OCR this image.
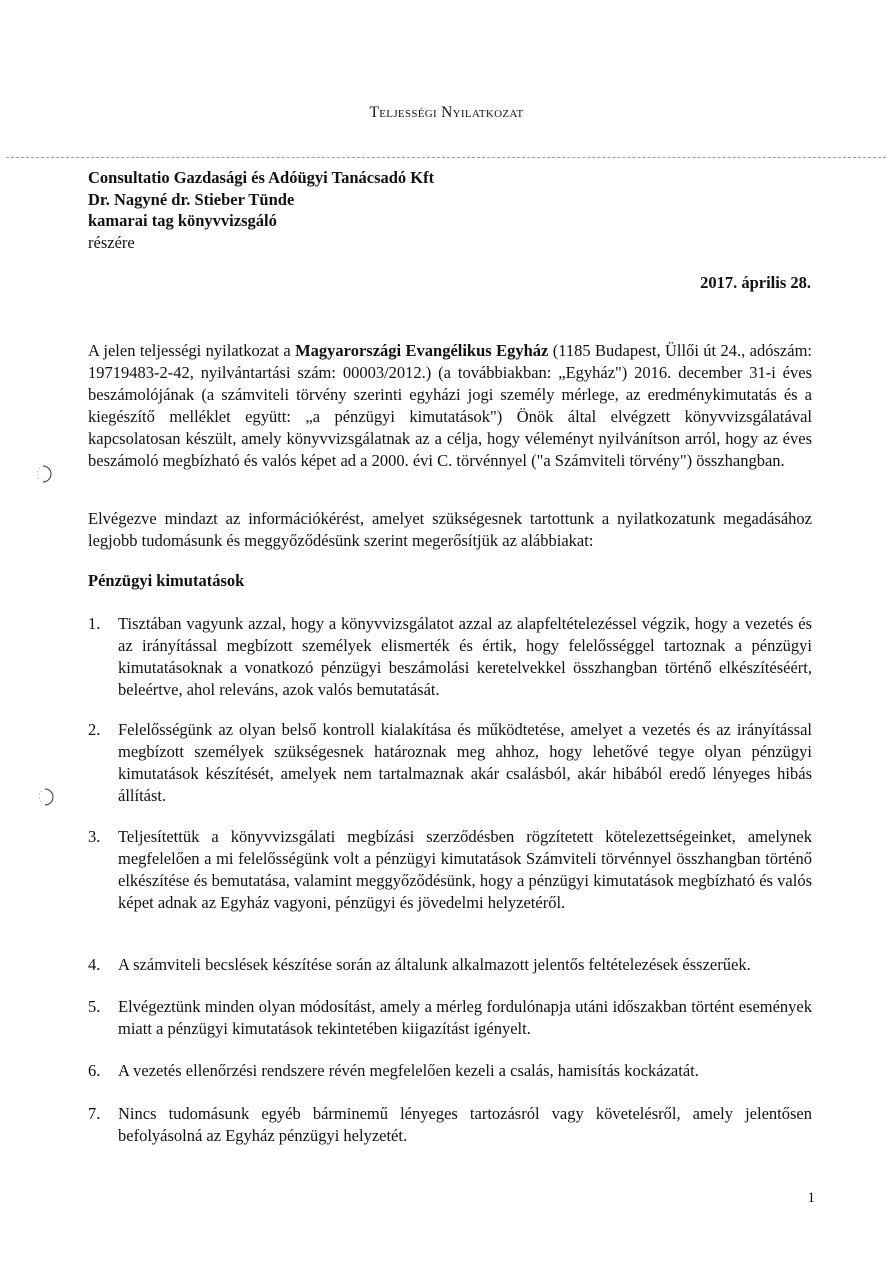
Teljességi Nyilatkozat
Consultatio Gazdasági és Adóügyi Tanácsadó Kft
Dr. Nagyné dr. Stieber Tünde
kamarai tag könyvvizsgáló
részére
2017. április 28.
A jelen teljességi nyilatkozat a Magyarországi Evangélikus Egyház (1185 Budapest, Üllői út 24., adószám: 19719483-2-42, nyilvántartási szám: 00003/2012.) (a továbbiakban: „Egyház") 2016. december 31-i éves beszámolójának (a számviteli törvény szerinti egyházi jogi személy mérlege, az eredménykimutatás és a kiegészítő melléklet együtt: „a pénzügyi kimutatások") Önök által elvégzett könyvvizsgálatával kapcsolatosan készült, amely könyvvizsgálatnak az a célja, hogy véleményt nyilvánítson arról, hogy az éves beszámoló megbízható és valós képet ad a 2000. évi C. törvénnyel ("a Számviteli törvény") összhangban.
Elvégezve mindazt az információkérést, amelyet szükségesnek tartottunk a nyilatkozatunk megadásához legjobb tudomásunk és meggyőződésünk szerint megerősítjük az alábbiakat:
Pénzügyi kimutatások
1.	Tisztában vagyunk azzal, hogy a könyvvizsgálatot azzal az alapfeltételezéssel végzik, hogy a vezetés és az irányítással megbízott személyek elismerték és értik, hogy felelősséggel tartoznak a pénzügyi kimutatásoknak a vonatkozó pénzügyi beszámolási keretelvekkel összhangban történő elkészítéséért, beleértve, ahol releváns, azok valós bemutatását.
2.	Felelősségünk az olyan belső kontroll kialakítása és működtetése, amelyet a vezetés és az irányítással megbízott személyek szükségesnek határoznak meg ahhoz, hogy lehetővé tegye olyan pénzügyi kimutatások készítését, amelyek nem tartalmaznak akár csalásból, akár hibából eredő lényeges hibás állítást.
3.	Teljesítettük a könyvvizsgálati megbízási szerződésben rögzítetett kötelezettségeinket, amelynek megfelelően a mi felelősségünk volt a pénzügyi kimutatások Számviteli törvénnyel összhangban történő elkészítése és bemutatása, valamint meggyőződésünk, hogy a pénzügyi kimutatások megbízható és valós képet adnak az Egyház vagyoni, pénzügyi és jövedelmi helyzetéről.
4.	A számviteli becslések készítése során az általunk alkalmazott jelentős feltételezések ésszerűek.
5.	Elvégeztünk minden olyan módosítást, amely a mérleg fordulónapja utáni időszakban történt események miatt a pénzügyi kimutatások tekintetében kiigazítást igényelt.
6.	A vezetés ellenőrzési rendszere révén megfelelően kezeli a csalás, hamisítás kockázatát.
7.	Nincs tudomásunk egyéb bárminemű lényeges tartozásról vagy követelésről, amely jelentősen befolyásolná az Egyház pénzügyi helyzetét.
1
